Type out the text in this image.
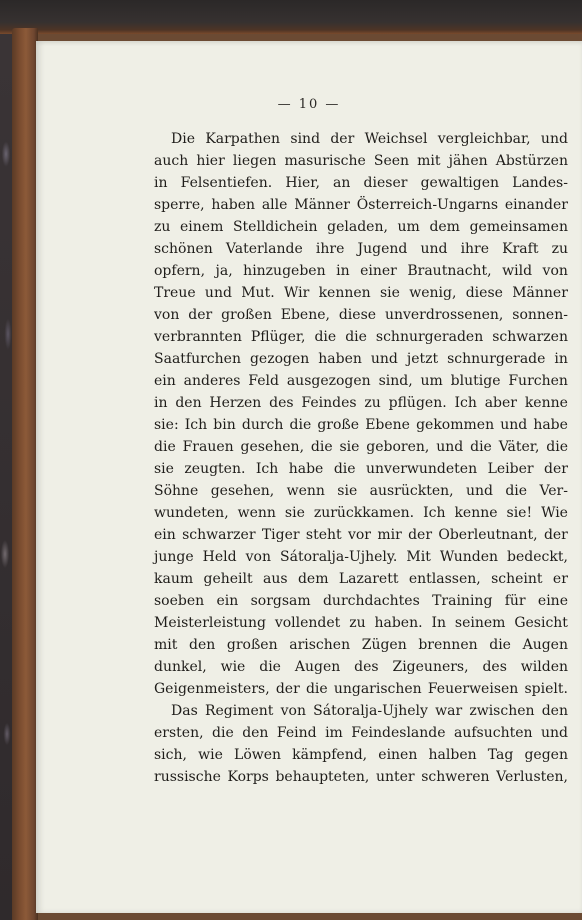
— 10 —
Die Karpathen sind der Weichsel vergleichbar, und
auch hier liegen masurische Seen mit jähen Abstürzen
in Felsentiefen. Hier, an dieser gewaltigen Landes-
sperre, haben alle Männer Österreich-Ungarns einander
zu einem Stelldichein geladen, um dem gemeinsamen
schönen Vaterlande ihre Jugend und ihre Kraft zu
opfern, ja, hinzugeben in einer Brautnacht, wild von
Treue und Mut. Wir kennen sie wenig, diese Männer
von der großen Ebene, diese unverdrossenen, sonnen-
verbrannten Pflüger, die die schnurgeraden schwarzen
Saatfurchen gezogen haben und jetzt schnurgerade in
ein anderes Feld ausgezogen sind, um blutige Furchen
in den Herzen des Feindes zu pflügen. Ich aber kenne
sie: Ich bin durch die große Ebene gekommen und habe
die Frauen gesehen, die sie geboren, und die Väter, die
sie zeugten. Ich habe die unverwundeten Leiber der
Söhne gesehen, wenn sie ausrückten, und die Ver-
wundeten, wenn sie zurückkamen. Ich kenne sie! Wie
ein schwarzer Tiger steht vor mir der Oberleutnant, der
junge Held von Sátoralja-Ujhely. Mit Wunden bedeckt,
kaum geheilt aus dem Lazarett entlassen, scheint er
soeben ein sorgsam durchdachtes Training für eine
Meisterleistung vollendet zu haben. In seinem Gesicht
mit den großen arischen Zügen brennen die Augen
dunkel, wie die Augen des Zigeuners, des wilden
Geigenmeisters, der die ungarischen Feuerweisen spielt.
Das Regiment von Sátoralja-Ujhely war zwischen den
ersten, die den Feind im Feindeslande aufsuchten und
sich, wie Löwen kämpfend, einen halben Tag gegen
russische Korps behaupteten, unter schweren Verlusten,
